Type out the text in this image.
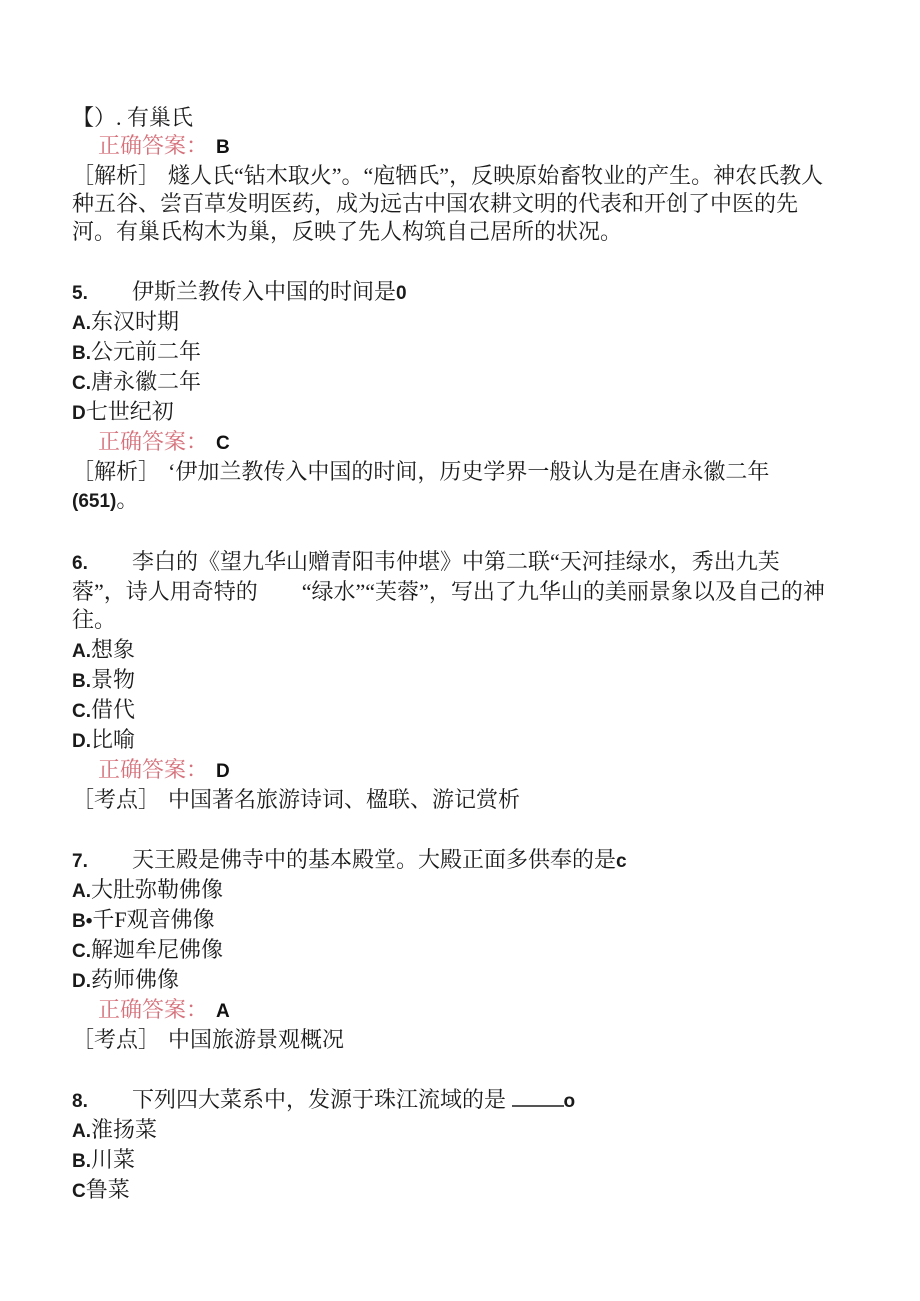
【）. 有巢氏
正确答案： B
［解析］ 燧人氏“钻木取火”。“庖牺氏”，反映原始畜牧业的产生。神农氏教人种五谷、尝百草发明医药，成为远古中国农耕文明的代表和开创了中医的先河。有巢氏构木为巢，反映了先人构筑自己居所的状况。
5. 伊斯兰教传入中国的时间是0
A.东汉时期
B.公元前二年
C.唐永徽二年
D七世纪初
正确答案： C
［解析］ ‘伊加兰教传入中国的时间，历史学界一般认为是在唐永徽二年(651)。
6. 李白的《望九华山赠青阳韦仲堪》中第二联“天河挂绿水，秀出九芙蓉”，诗人用奇特的　　“绿水”“芙蓉”，写出了九华山的美丽景象以及自己的神往。
A.想象
B.景物
C.借代
D.比喻
正确答案： D
［考点］ 中国著名旅游诗词、楹联、游记赏析
7. 天王殿是佛寺中的基本殿堂。大殿正面多供奉的是c
A.大肚弥勒佛像
B•千F观音佛像
C.解迦牟尼佛像
D.药师佛像
正确答案： A
［考点］ 中国旅游景观概况
8. 下列四大菜系中，发源于珠江流域的是	o
A.淮扬菜
B.川菜
C鲁菜
